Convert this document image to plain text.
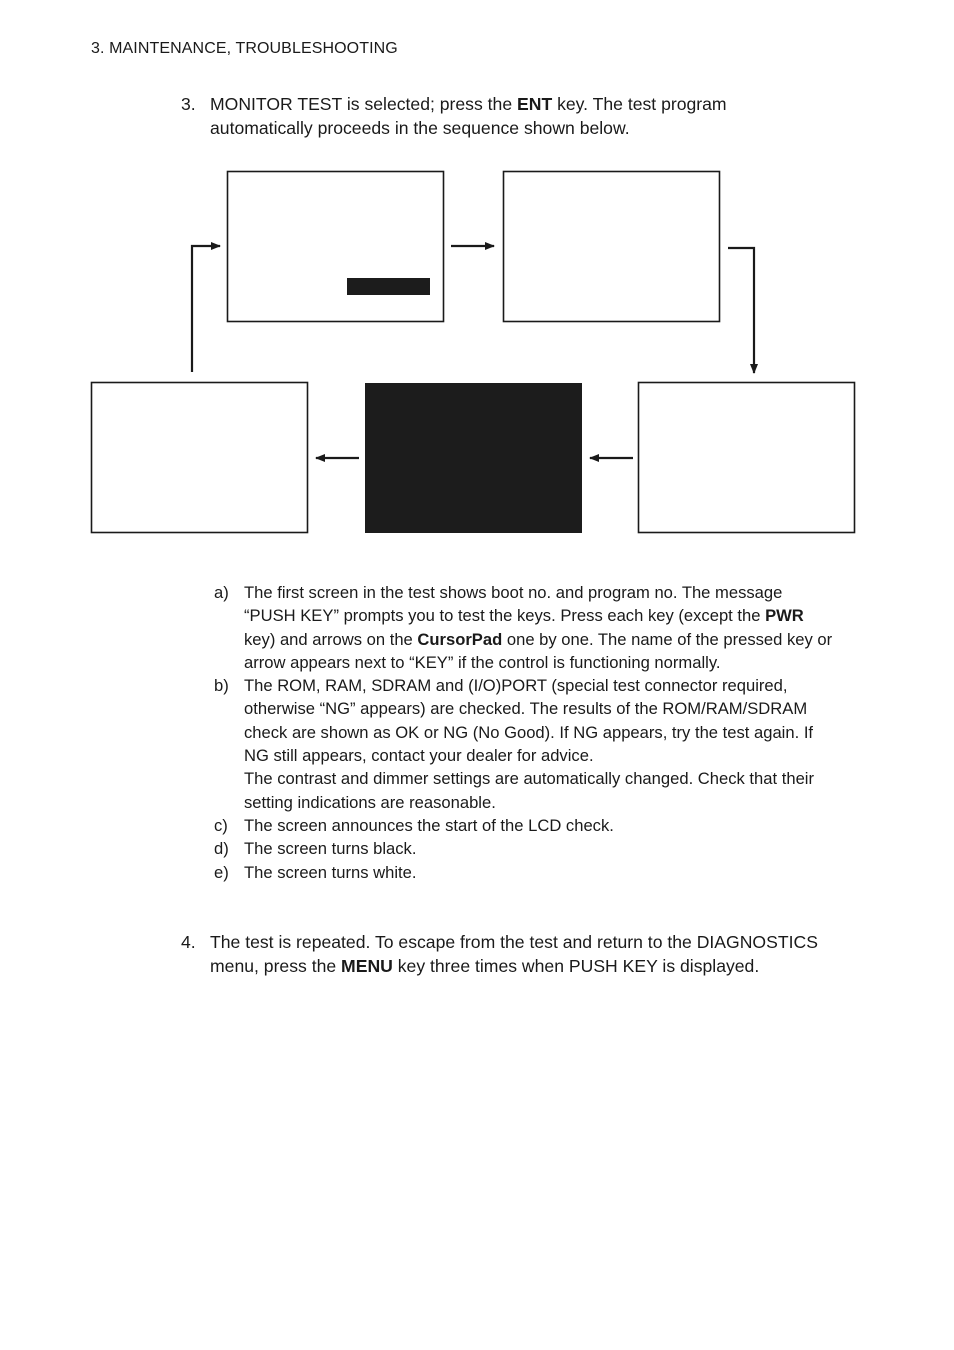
3. MAINTENANCE, TROUBLESHOOTING
3. MONITOR TEST is selected; press the ENT key. The test program automatically proceeds in the sequence shown below.
a) The first screen in the test shows boot no. and program no. The message “PUSH KEY” prompts you to test the keys. Press each key (except the PWR key) and arrows on the CursorPad one by one. The name of the pressed key or arrow appears next to “KEY” if the control is functioning normally.
b) The ROM, RAM, SDRAM and (I/O)PORT (special test connector required, otherwise “NG” appears) are checked. The results of the ROM/RAM/SDRAM check are shown as OK or NG (No Good). If NG appears, try the test again. If NG still appears, contact your dealer for advice.
The contrast and dimmer settings are automatically changed. Check that their setting indications are reasonable.
c) The screen announces the start of the LCD check.
d) The screen turns black.
e) The screen turns white.
4. The test is repeated. To escape from the test and return to the DIAGNOSTICS menu, press the MENU key three times when PUSH KEY is displayed.
